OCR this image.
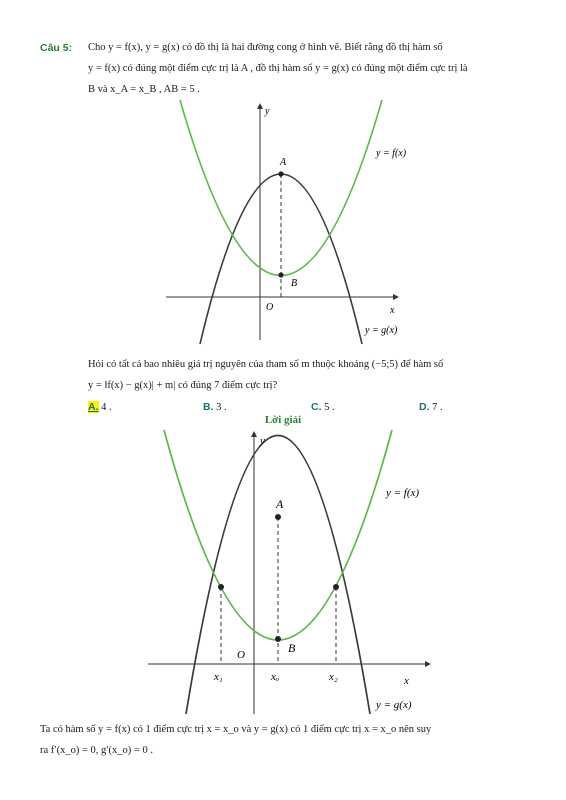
Câu 5: Cho y = f(x), y = g(x) có đồ thị là hai đường cong ở hình vẽ. Biết rằng đồ thị hàm số
y = f(x) có đúng một điểm cực trị là A , đồ thị hàm số y = g(x) có đúng một điểm cực trị là
B và x_A = x_B , AB = 5 .
A
B
y
x
O
y = f(x)
y = g(x)
Hỏi có tất cả bao nhiêu giá trị nguyên của tham số m thuộc khoảng (−5;5) để hàm số
y = ‖f(x) − g(x)| + m| có đúng 7 điểm cực trị?
A. 4 .	B. 3 .	C. 5 .	D. 7 .
Lời giải
A
B
O
y
x
x₁	xₒ	x₂
y = f(x)
y = g(x)
Ta có hàm số y = f(x) có 1 điểm cực trị x = x_o và y = g(x) có 1 điểm cực trị x = x_o nên suy
ra f′(x_o) = 0, g′(x_o) = 0 .
